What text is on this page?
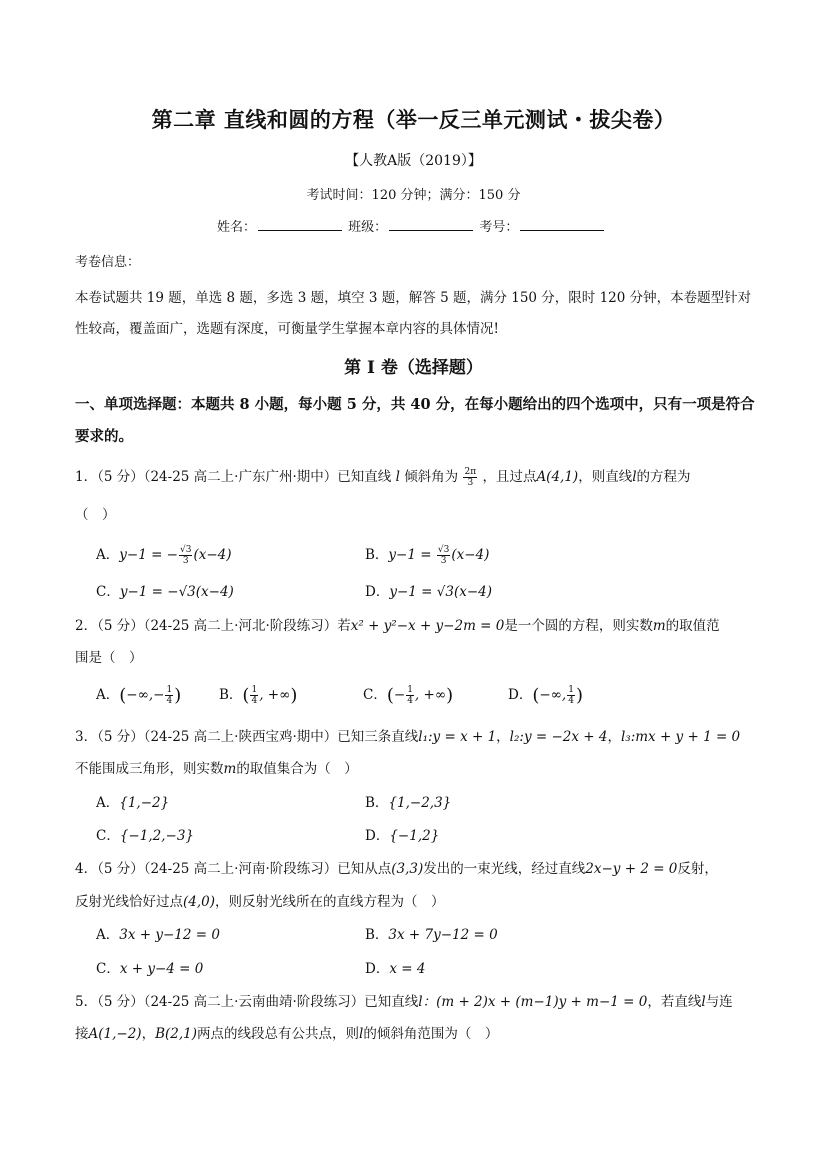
第二章 直线和圆的方程（举一反三单元测试・拔尖卷）
【人教A版（2019）】
考试时间：120 分钟；满分：150 分
姓名：	班级：	考号：
考卷信息：
本卷试题共 19 题，单选 8 题，多选 3 题，填空 3 题，解答 5 题，满分 150 分，限时 120 分钟，本卷题型针对性较高，覆盖面广，选题有深度，可衡量学生掌握本章内容的具体情况!
第 I 卷（选择题）
一、单项选择题：本题共 8 小题，每小题 5 分，共 40 分，在每小题给出的四个选项中，只有一项是符合要求的。
1．（5 分）（24-25 高二上·广东广州·期中）已知直线 l 倾斜角为 $\frac{2\pi}{3}$ ，且过点A(4,1)，则直线l的方程为
（　）
A．y−1 = − $\frac{√3}{3} (x-4)$	B．$y-1 = \frac{√3}{3} (x-4)$
C．y−1 = −√3(x−4)	D．y−1 = √3(x−4)
2．（5 分）（24-25 高二上·河北·阶段练习）若x² + y²−x + y−2m = 0是一个圆的方程，则实数m的取值范
围是（　）
A．(−∞,− $\frac{1}{4}$ )	B．( $\frac{1}{4}$ , +∞)	C．(− $\frac{1}{4}$ , +∞)	D．(−∞, $\frac{1}{4}$ )
3．（5 分）（24-25 高二上·陕西宝鸡·期中）已知三条直线l₁:y = x + 1，l₂:y = −2x + 4，l₃:mx + y + 1 = 0
不能围成三角形，则实数m的取值集合为（　）
A．{1,−2}	B．{1,−2,3}
C．{−1,2,−3}	D．{−1,2}
4．（5 分）（24-25 高二上·河南·阶段练习）已知从点(3,3)发出的一束光线，经过直线2x−y + 2 = 0反射，
反射光线恰好过点(4,0)，则反射光线所在的直线方程为（　）
A．3x + y−12 = 0	B．3x + 7y−12 = 0
C．x + y−4 = 0	D．x = 4
5．（5 分）（24-25 高二上·云南曲靖·阶段练习）已知直线l：(m + 2)x + (m−1)y + m−1 = 0，若直线l与连
接A(1,−2)，B(2,1)两点的线段总有公共点，则l的倾斜角范围为（　）
